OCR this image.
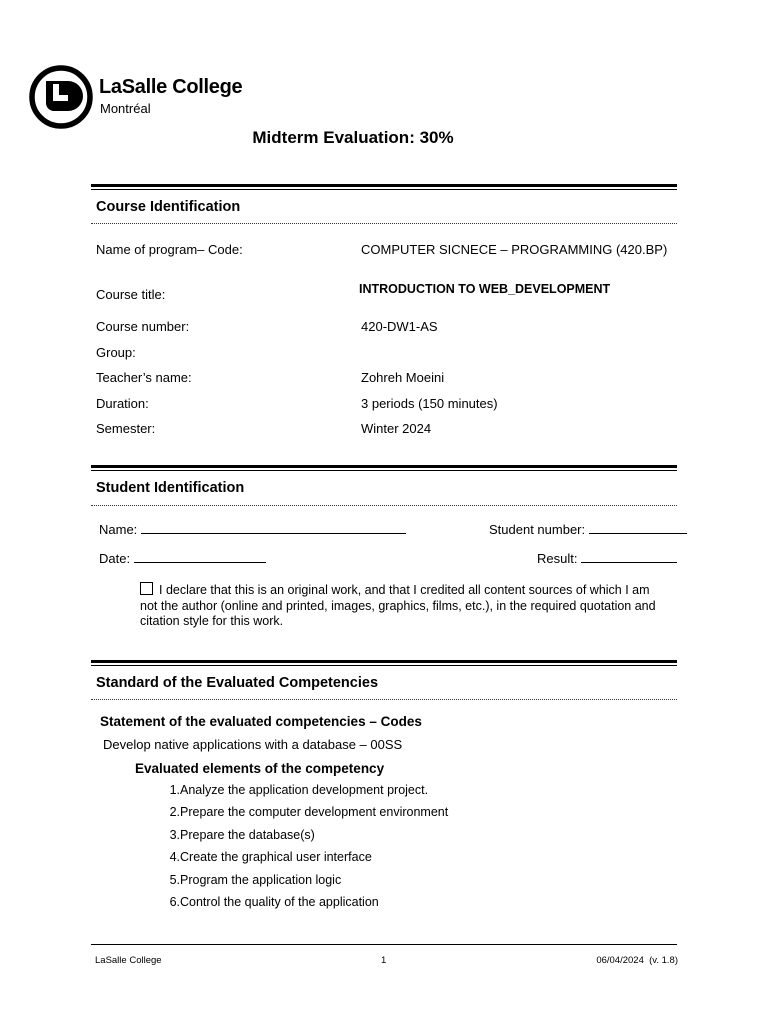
LaSalle College
Montréal
Midterm Evaluation: 30%
Course Identification
Name of program– Code:	COMPUTER SICNECE – PROGRAMMING (420.BP)
Course title:	INTRODUCTION TO WEB_DEVELOPMENT
Course number:	420-DW1-AS
Group:
Teacher’s name:	Zohreh Moeini
Duration:	3 periods (150 minutes)
Semester:	Winter 2024
Student Identification
Name:	Student number:
Date:	Result:
I declare that this is an original work, and that I credited all content sources of which I am not the author (online and printed, images, graphics, films, etc.), in the required quotation and citation style for this work.
Standard of the Evaluated Competencies
Statement of the evaluated competencies – Codes
Develop native applications with a database – 00SS
Evaluated elements of the competency
1. Analyze the application development project.
2. Prepare the computer development environment
3. Prepare the database(s)
4. Create the graphical user interface
5. Program the application logic
6. Control the quality of the application
LaSalle College	1	06/04/2024  (v. 1.8)
